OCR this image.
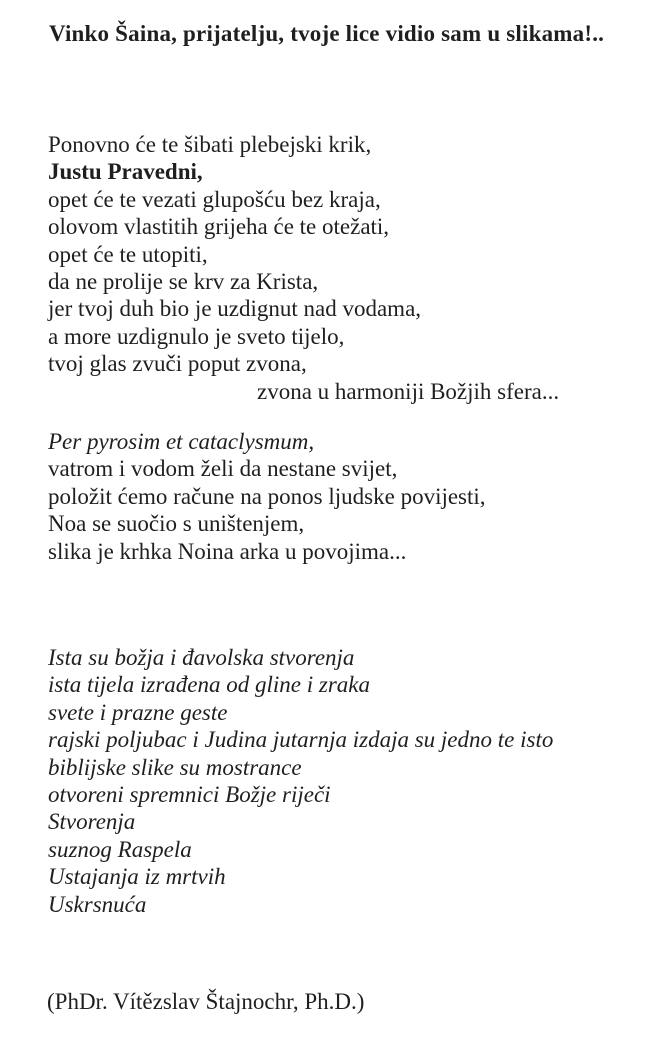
Vinko Šaina, prijatelju, tvoje lice vidio sam u slikama!..

Ponovno će te šibati plebejski krik,

Justu Pravedni,

opet će te vezati glupošću bez kraja,

olovom vlastitih grijeha će te otežati,

opet će te utopiti,

da ne prolije se krv za Krista,

jer tvoj duh bio je uzdignut nad vodama,

a more uzdignulo je sveto tijelo,

tvoj glas zvuči poput zvona,

zvona u harmoniji Božjih sfera...

Per pyrosim et cataclysmum,

vatrom i vodom želi da nestane svijet,

položit ćemo račune na ponos ljudske povijesti,

Noa se suočio s uništenjem,

slika je krhka Noina arka u povojima...

Ista su božja i đavolska stvorenja

ista tijela izrađena od gline i zraka

svete i prazne geste

rajski poljubac i Judina jutarnja izdaja su jedno te isto

biblijske slike su mostrance

otvoreni spremnici Božje riječi

Stvorenja

suznog Raspela

Ustajanja iz mrtvih

Uskrsnuća

(PhDr. Vítězslav Štajnochr, Ph.D.)
